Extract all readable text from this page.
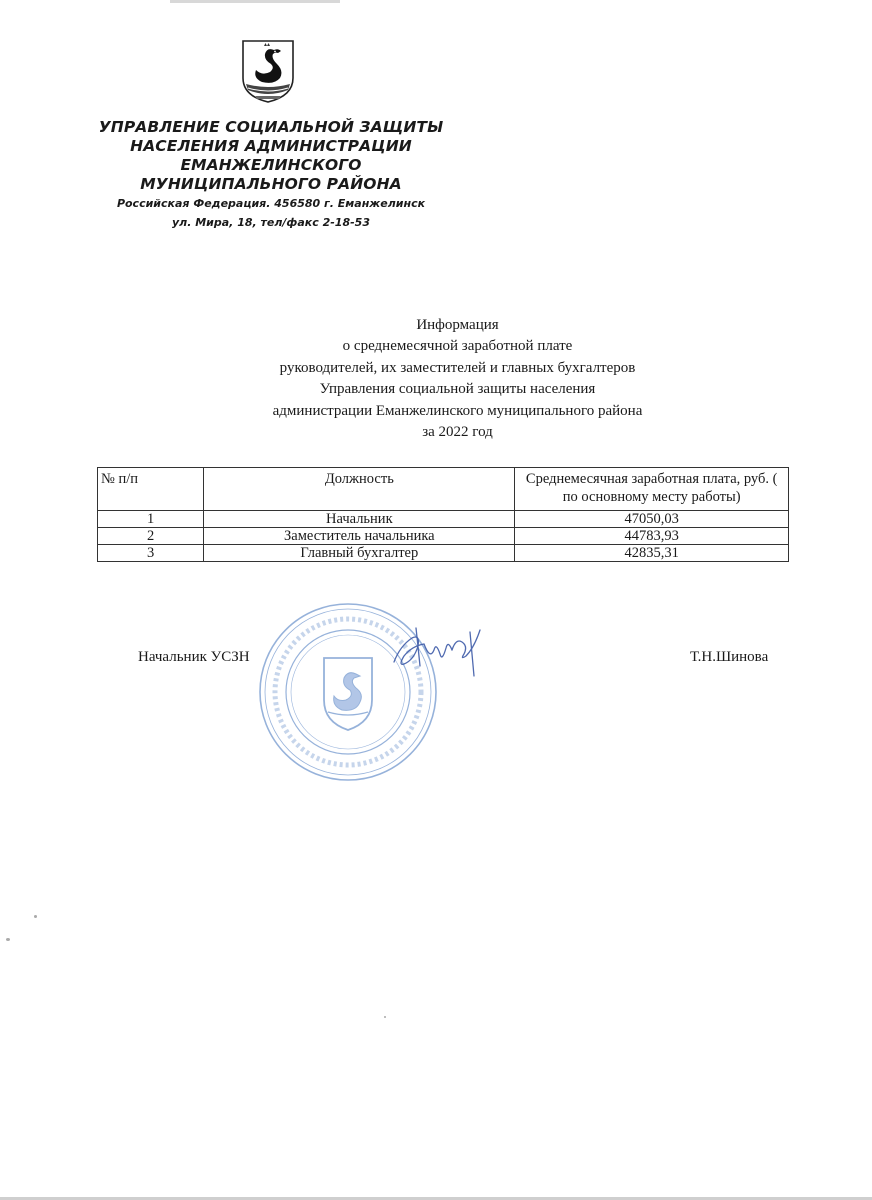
УПРАВЛЕНИЕ СОЦИАЛЬНОЙ ЗАЩИТЫ
НАСЕЛЕНИЯ АДМИНИСТРАЦИИ
ЕМАНЖЕЛИНСКОГО
МУНИЦИПАЛЬНОГО РАЙОНА
Российская Федерация. 456580 г. Еманжелинск
ул. Мира, 18, тел/факс 2-18-53
Информация
о среднемесячной заработной плате
руководителей, их заместителей и главных бухгалтеров
Управления социальной защиты населения
администрации Еманжелинского муниципального района
за 2022 год
№ п/п	Должность	Среднемесячная заработная плата, руб. ( по основному месту работы)
1	Начальник	47050,03
2	Заместитель начальника	44783,93
3	Главный бухгалтер	42835,31
Начальник УСЗН	Т.Н.Шинова
